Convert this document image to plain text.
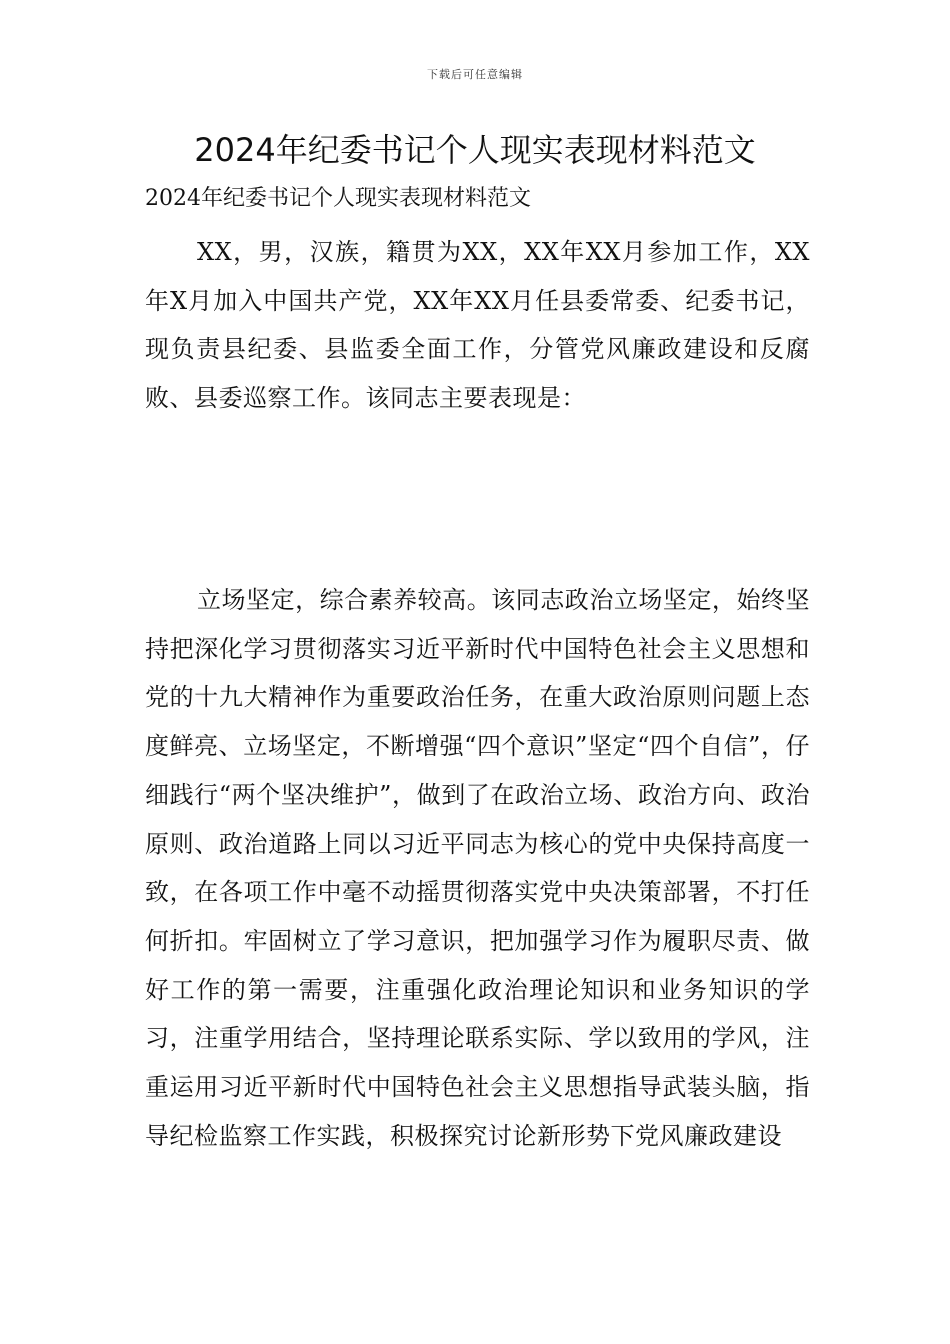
下载后可任意编辑
2024年纪委书记个人现实表现材料范文
2024年纪委书记个人现实表现材料范文

XX，男，汉族，籍贯为XX，XX年XX月参加工作，XX年X月加入中国共产党，XX年XX月任县委常委、纪委书记，现负责县纪委、县监委全面工作，分管党风廉政建设和反腐败、县委巡察工作。该同志主要表现是：

立场坚定，综合素养较高。该同志政治立场坚定，始终坚持把深化学习贯彻落实习近平新时代中国特色社会主义思想和党的十九大精神作为重要政治任务，在重大政治原则问题上态度鲜亮、立场坚定，不断增强“四个意识”坚定“四个自信”，仔细践行“两个坚决维护”，做到了在政治立场、政治方向、政治原则、政治道路上同以习近平同志为核心的党中央保持高度一致，在各项工作中毫不动摇贯彻落实党中央决策部署，不打任何折扣。牢固树立了学习意识，把加强学习作为履职尽责、做好工作的第一需要，注重强化政治理论知识和业务知识的学习，注重学用结合，坚持理论联系实际、学以致用的学风，注重运用习近平新时代中国特色社会主义思想指导武装头脑，指导纪检监察工作实践，积极探究讨论新形势下党风廉政建设
